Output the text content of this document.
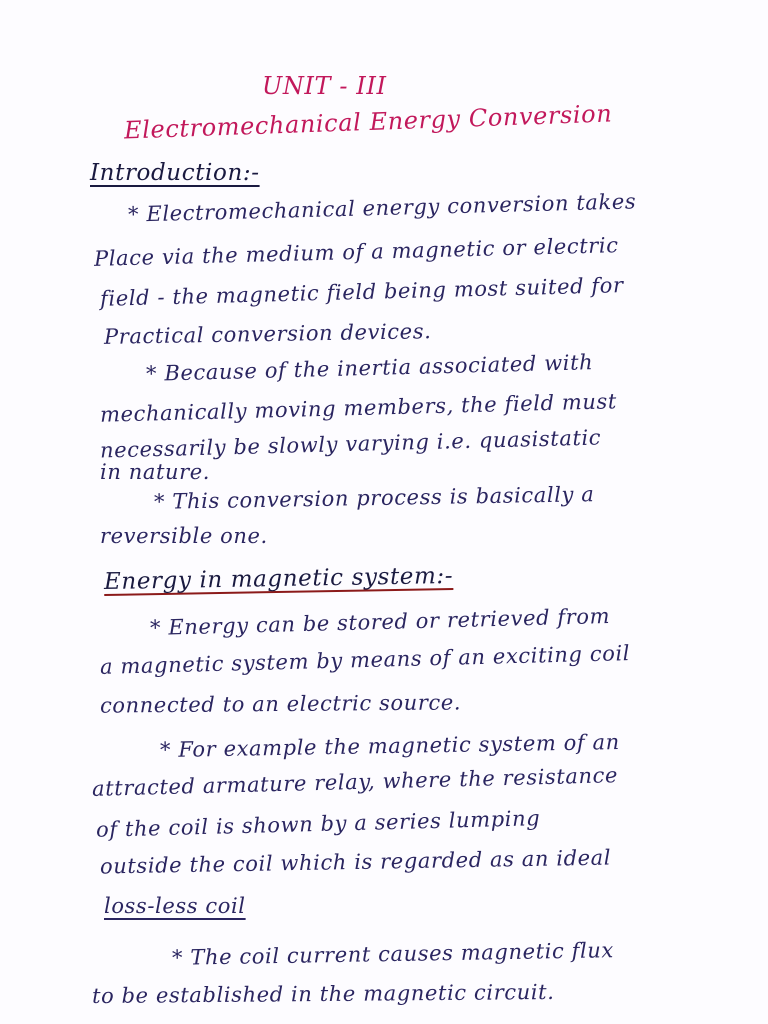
UNIT - III
Electromechanical Energy Conversion
Introduction:-
* Electromechanical energy conversion takes
Place via the medium of a magnetic or electric
field - the magnetic field being most suited for
Practical conversion devices.
* Because of the inertia associated with
mechanically moving members, the field must
necessarily be slowly varying i.e. quasistatic
in nature.
* This conversion process is basically a
reversible one.
Energy in magnetic system:-
* Energy can be stored or retrieved from
a magnetic system by means of an exciting coil
connected to an electric source.
* For example the magnetic system of an
attracted armature relay, where the resistance
of the coil is shown by a series lumping
outside the coil which is regarded as an ideal
loss-less coil
* The coil current causes magnetic flux
to be established in the magnetic circuit.
